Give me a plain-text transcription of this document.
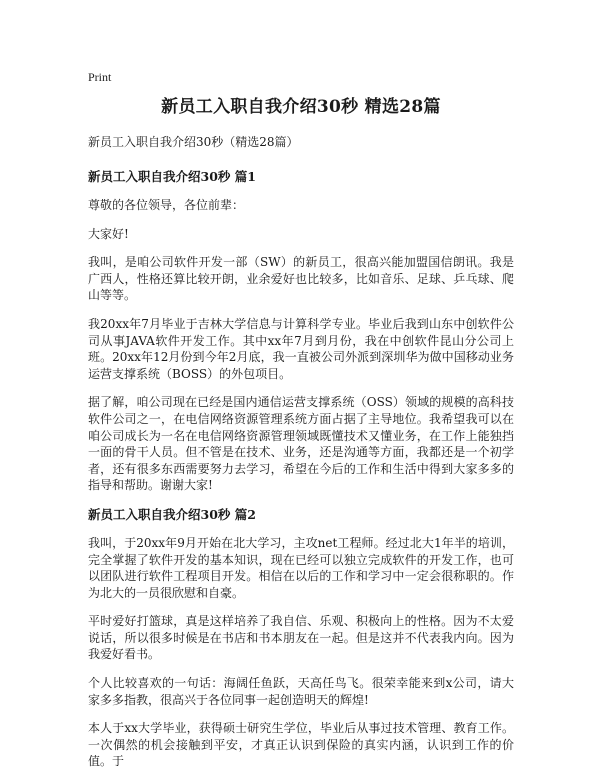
Print
新员工入职自我介绍30秒 精选28篇
新员工入职自我介绍30秒（精选28篇）
新员工入职自我介绍30秒 篇1

尊敬的各位领导，各位前辈：

大家好!

我叫，是咱公司软件开发一部（SW）的新员工，很高兴能加盟国信朗讯。我是广西人，性格还算比较开朗，业余爱好也比较多，比如音乐、足球、乒乓球、爬山等等。

我20xx年7月毕业于吉林大学信息与计算科学专业。毕业后我到山东中创软件公司从事JAVA软件开发工作。其中xx年7月到月份，我在中创软件昆山分公司上班。20xx年12月份到今年2月底，我一直被公司外派到深圳华为做中国移动业务运营支撑系统（BOSS）的外包项目。

据了解，咱公司现在已经是国内通信运营支撑系统（OSS）领域的规模的高科技软件公司之一，在电信网络资源管理系统方面占据了主导地位。我希望我可以在咱公司成长为一名在电信网络资源管理领域既懂技术又懂业务，在工作上能独挡一面的骨干人员。但不管是在技术、业务，还是沟通等方面，我都还是一个初学者，还有很多东西需要努力去学习，希望在今后的工作和生活中得到大家多多的指导和帮助。谢谢大家!

新员工入职自我介绍30秒 篇2

我叫，于20xx年9月开始在北大学习，主攻net工程师。经过北大1年半的培训，完全掌握了软件开发的基本知识，现在已经可以独立完成软件的开发工作，也可以团队进行软件工程项目开发。相信在以后的工作和学习中一定会很称职的。作为北大的一员很欣慰和自豪。

平时爱好打篮球，真是这样培养了我自信、乐观、积极向上的性格。因为不太爱说话，所以很多时候是在书店和书本朋友在一起。但是这并不代表我内向。因为我爱好看书。

个人比较喜欢的一句话：海阔任鱼跃，天高任鸟飞。很荣幸能来到x公司，请大家多多指教，很高兴于各位同事一起创造明天的辉煌!

本人于xx大学毕业，获得硕士研究生学位，毕业后从事过技术管理、教育工作。一次偶然的机会接触到平安，才真正认识到保险的真实内涵，认识到工作的价值。于
